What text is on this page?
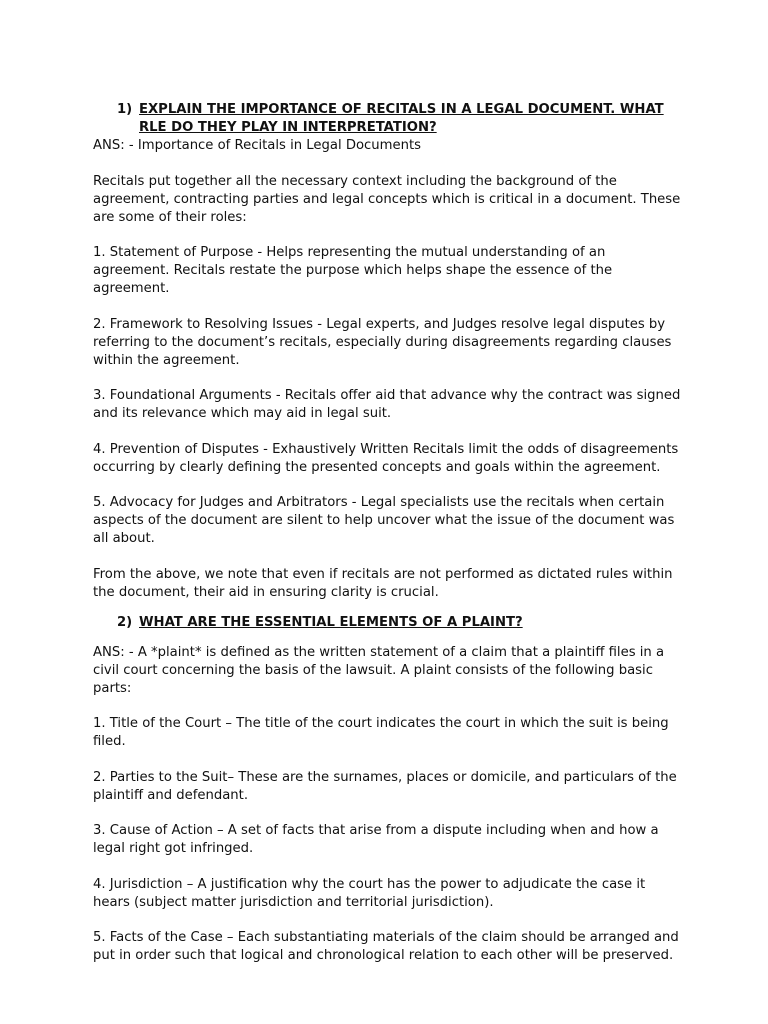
1) EXPLAIN THE IMPORTANCE OF RECITALS IN A LEGAL DOCUMENT. WHAT RLE DO THEY PLAY IN INTERPRETATION?

ANS: - Importance of Recitals in Legal Documents

Recitals put together all the necessary context including the background of the agreement, contracting parties and legal concepts which is critical in a document. These are some of their roles:

1. Statement of Purpose - Helps representing the mutual understanding of an agreement. Recitals restate the purpose which helps shape the essence of the agreement.

2. Framework to Resolving Issues - Legal experts, and Judges resolve legal disputes by referring to the document’s recitals, especially during disagreements regarding clauses within the agreement.

3. Foundational Arguments - Recitals offer aid that advance why the contract was signed and its relevance which may aid in legal suit.

4. Prevention of Disputes - Exhaustively Written Recitals limit the odds of disagreements occurring by clearly defining the presented concepts and goals within the agreement.

5. Advocacy for Judges and Arbitrators - Legal specialists use the recitals when certain aspects of the document are silent to help uncover what the issue of the document was all about.

From the above, we note that even if recitals are not performed as dictated rules within the document, their aid in ensuring clarity is crucial.

2) WHAT ARE THE ESSENTIAL ELEMENTS OF A PLAINT?

ANS: - A *plaint* is defined as the written statement of a claim that a plaintiff files in a civil court concerning the basis of the lawsuit. A plaint consists of the following basic parts:

1. Title of the Court – The title of the court indicates the court in which the suit is being filed.

2. Parties to the Suit– These are the surnames, places or domicile, and particulars of the plaintiff and defendant.

3. Cause of Action – A set of facts that arise from a dispute including when and how a legal right got infringed.

4. Jurisdiction – A justification why the court has the power to adjudicate the case it hears (subject matter jurisdiction and territorial jurisdiction).

5. Facts of the Case – Each substantiating materials of the claim should be arranged and put in order such that logical and chronological relation to each other will be preserved.
